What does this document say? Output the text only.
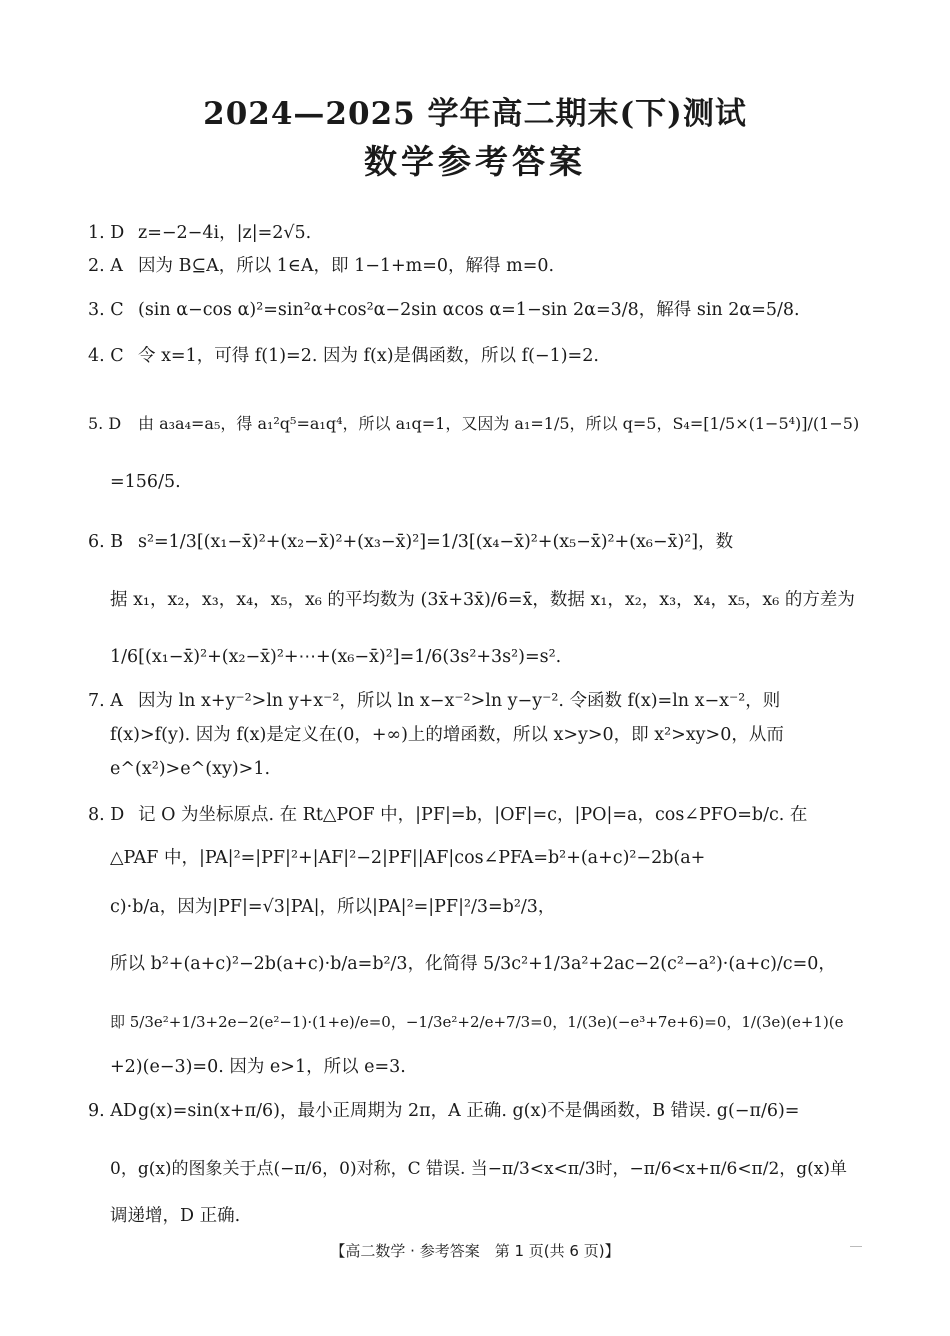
2024—2025 学年高二期末(下)测试
数学参考答案
1. D z=−2−4i，|z|=2√5.
2. A 因为 B⊆A，所以 1∈A，即 1−1+m=0，解得 m=0.
3. C (sin α−cos α)²=sin²α+cos²α−2sin αcos α=1−sin 2α=3/8，解得 sin 2α=5/8.
4. C 令 x=1，可得 f(1)=2. 因为 f(x)是偶函数，所以 f(−1)=2.
5. D 由 a₃a₄=a₅，得 a₁²q⁵=a₁q⁴，所以 a₁q=1，又因为 a₁=1/5，所以 q=5，S₄=[1/5×(1−5⁴)]/(1−5)
=156/5.
6. B s²=1/3[(x₁−x̄)²+(x₂−x̄)²+(x₃−x̄)²]=1/3[(x₄−x̄)²+(x₅−x̄)²+(x₆−x̄)²]，数
据 x₁，x₂，x₃，x₄，x₅，x₆ 的平均数为 (3x̄+3x̄)/6=x̄，数据 x₁，x₂，x₃，x₄，x₅，x₆ 的方差为
1/6[(x₁−x̄)²+(x₂−x̄)²+⋯+(x₆−x̄)²]=1/6(3s²+3s²)=s².
7. A 因为 ln x+y⁻²>ln y+x⁻²，所以 ln x−x⁻²>ln y−y⁻². 令函数 f(x)=ln x−x⁻²，则
f(x)>f(y). 因为 f(x)是定义在(0，+∞)上的增函数，所以 x>y>0，即 x²>xy>0，从而
e^(x²)>e^(xy)>1.
8. D 记 O 为坐标原点. 在 Rt△POF 中，|PF|=b，|OF|=c，|PO|=a，cos∠PFO=b/c. 在
△PAF 中，|PA|²=|PF|²+|AF|²−2|PF||AF|cos∠PFA=b²+(a+c)²−2b(a+
c)·b/a，因为|PF|=√3|PA|，所以|PA|²=|PF|²/3=b²/3，
所以 b²+(a+c)²−2b(a+c)·b/a=b²/3，化简得 5/3c²+1/3a²+2ac−2(c²−a²)·(a+c)/c=0，
即 5/3e²+1/3+2e−2(e²−1)·(1+e)/e=0，−1/3e²+2/e+7/3=0，1/(3e)(−e³+7e+6)=0，1/(3e)(e+1)(e
+2)(e−3)=0. 因为 e>1，所以 e=3.
9. ADg(x)=sin(x+π/6)，最小正周期为 2π，A 正确. g(x)不是偶函数，B 错误. g(−π/6)=
0，g(x)的图象关于点(−π/6，0)对称，C 错误. 当−π/3<x<π/3时，−π/6<x+π/6<π/2，g(x)单
调递增，D 正确.
【高二数学 · 参考答案　第 1 页(共 6 页)】
